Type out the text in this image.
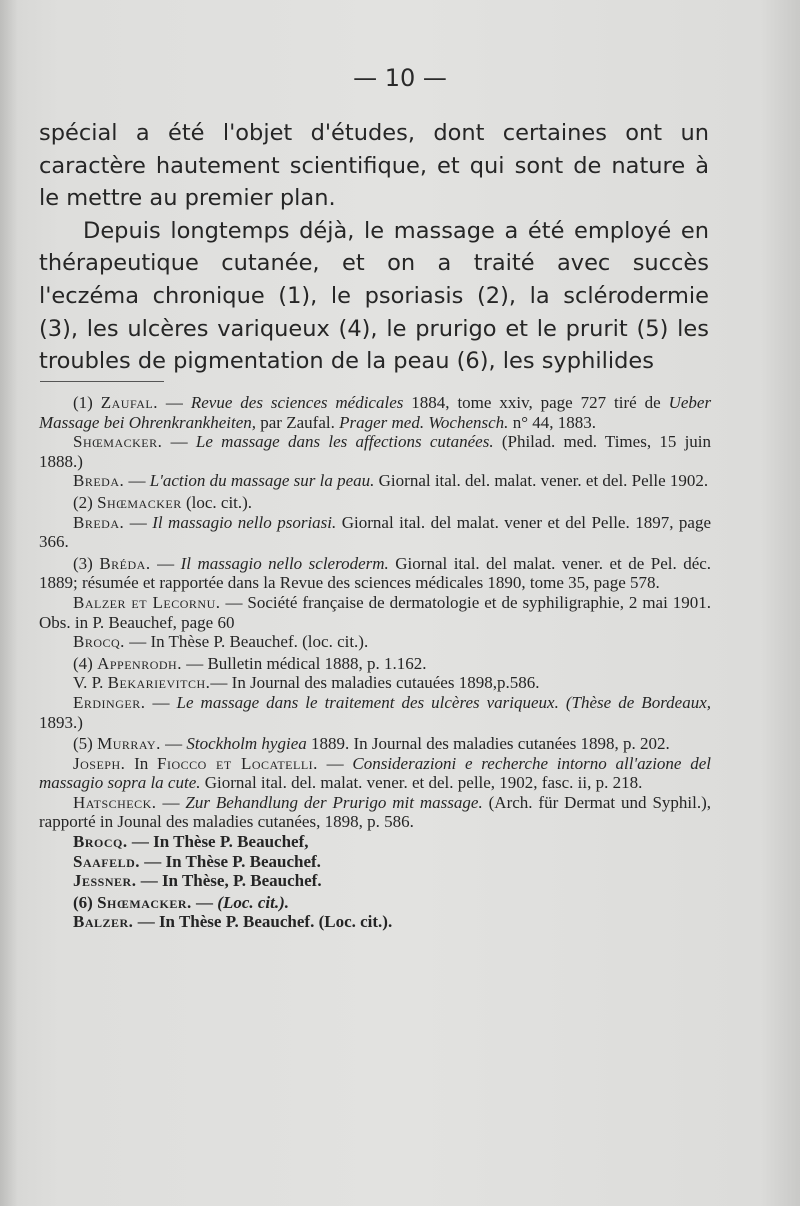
— 10 —

spécial a été l'objet d'études, dont certaines ont un caractère hautement scientifique, et qui sont de nature à le mettre au premier plan.

Depuis longtemps déjà, le massage a été employé en thérapeutique cutanée, et on a traité avec succès l'eczéma chronique (1), le psoriasis (2), la sclérodermie (3), les ulcères variqueux (4), le prurigo et le prurit (5) les troubles de pigmentation de la peau (6), les syphilides

(1) Zaufal. — Revue des sciences médicales 1884, tome xxiv, page 727 tiré de Ueber Massage bei Ohrenkrankheiten, par Zaufal. Prager med. Wochensch. n° 44, 1883.

Shœmacker. — Le massage dans les affections cutanées. (Philad. med. Times, 15 juin 1888.)

Breda. — L'action du massage sur la peau. Giornal ital. del. malat. vener. et del. Pelle 1902.

(2) Shœmacker (loc. cit.).

Breda. — Il massagio nello psoriasi. Giornal ital. del malat. vener et del Pelle. 1897, page 366.

(3) Bréda. — Il massagio nello scleroderm. Giornal ital. del malat. vener. et de Pel. déc. 1889; résumée et rapportée dans la Revue des sciences médicales 1890, tome 35, page 578.

Balzer et Lecornu. — Société française de dermatologie et de syphiligraphie, 2 mai 1901. Obs. in P. Beauchef, page 60

Brocq. — In Thèse P. Beauchef. (loc. cit.).

(4) Appenrodh. — Bulletin médical 1888, p. 1.162.

V. P. Bekarievitch.— In Journal des maladies cutauées 1898,p.586.

Erdinger. — Le massage dans le traitement des ulcères variqueux. (Thèse de Bordeaux, 1893.)

(5) Murray. — Stockholm hygiea 1889. In Journal des maladies cutanées 1898, p. 202.

Joseph. In Fiocco et Locatelli. — Considerazioni e recherche intorno all'azione del massagio sopra la cute. Giornal ital. del. malat. vener. et del. pelle, 1902, fasc. ii, p. 218.

Hatscheck. — Zur Behandlung der Prurigo mit massage. (Arch. für Dermat und Syphil.), rapporté in Jounal des maladies cutanées, 1898, p. 586.

Brocq. — In Thèse P. Beauchef,

Saafeld. — In Thèse P. Beauchef.

Jessner. — In Thèse, P. Beauchef.

(6) Shœmacker. — (Loc. cit.).

Balzer. — In Thèse P. Beauchef. (Loc. cit.).
